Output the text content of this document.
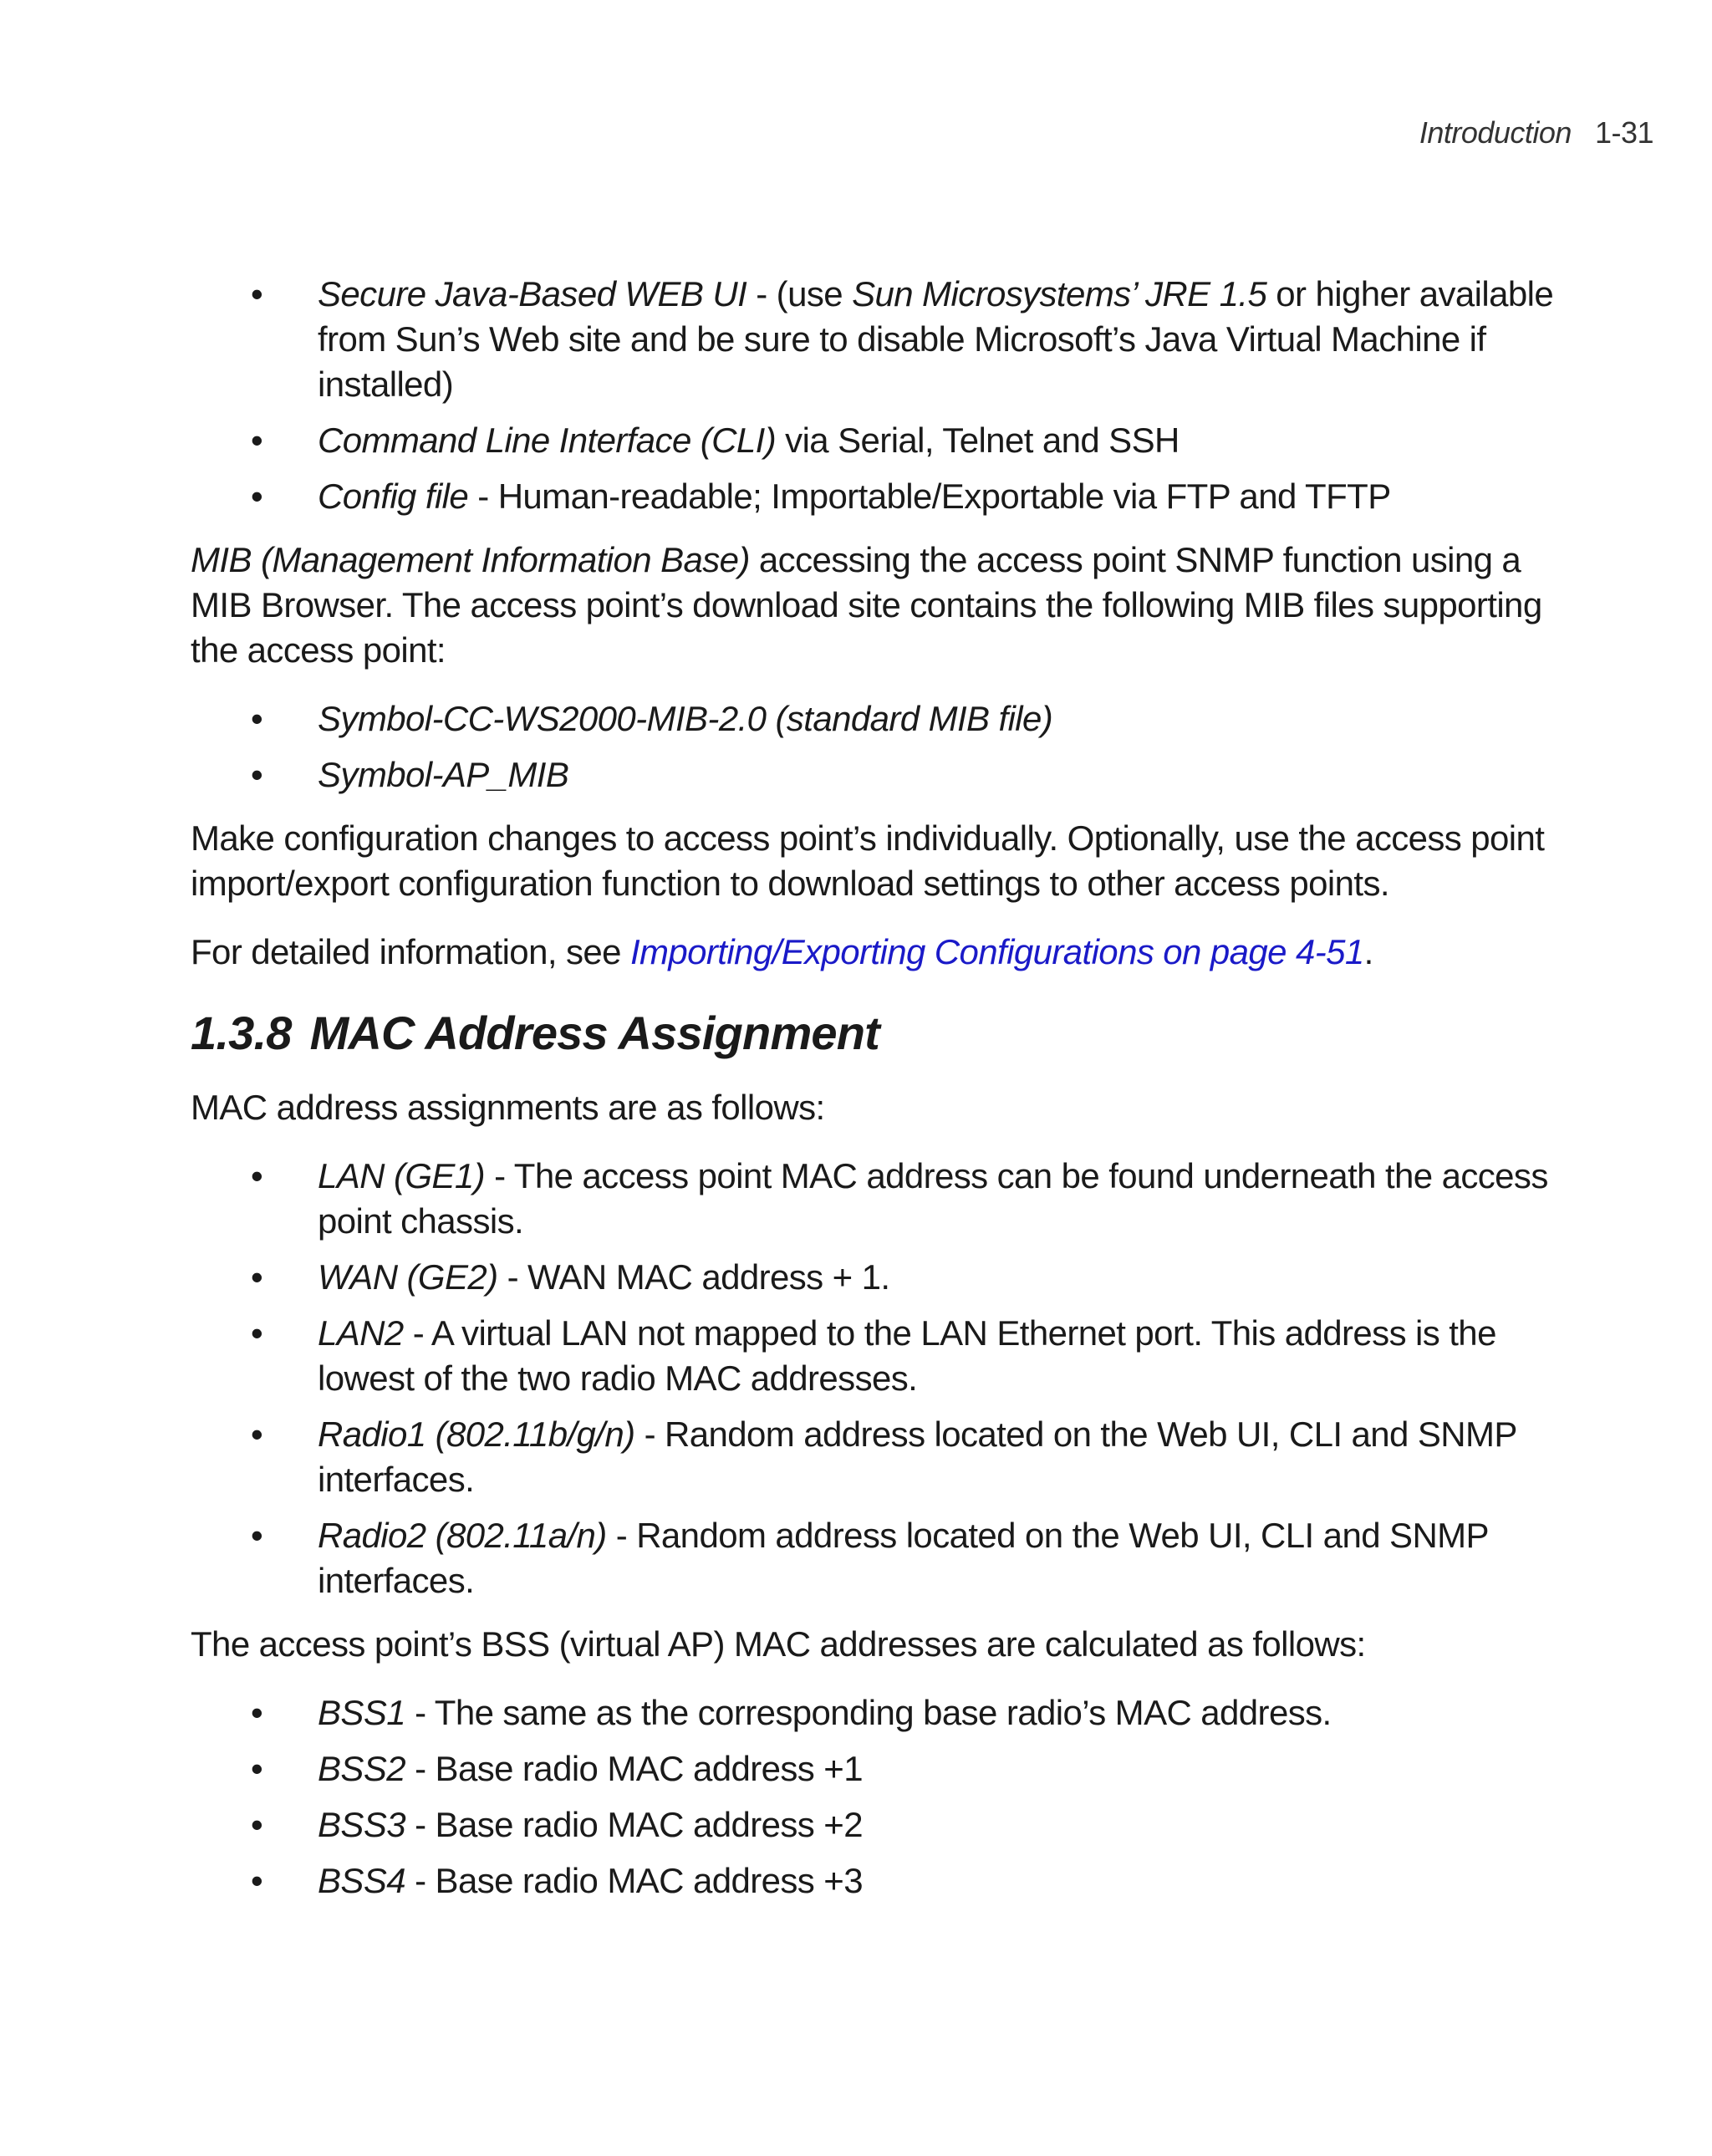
Introduction 1-31
• Secure Java-Based WEB UI - (use Sun Microsystems’ JRE 1.5 or higher available from Sun’s Web site and be sure to disable Microsoft’s Java Virtual Machine if installed)
• Command Line Interface (CLI) via Serial, Telnet and SSH
• Config file - Human-readable; Importable/Exportable via FTP and TFTP

MIB (Management Information Base) accessing the access point SNMP function using a MIB Browser. The access point’s download site contains the following MIB files supporting the access point:

• Symbol-CC-WS2000-MIB-2.0 (standard MIB file)
• Symbol-AP_MIB

Make configuration changes to access point’s individually. Optionally, use the access point import/export configuration function to download settings to other access points.

For detailed information, see Importing/Exporting Configurations on page 4-51.

1.3.8 MAC Address Assignment

MAC address assignments are as follows:

• LAN (GE1) - The access point MAC address can be found underneath the access point chassis.
• WAN (GE2) - WAN MAC address + 1.
• LAN2 - A virtual LAN not mapped to the LAN Ethernet port. This address is the lowest of the two radio MAC addresses.
• Radio1 (802.11b/g/n) - Random address located on the Web UI, CLI and SNMP interfaces.
• Radio2 (802.11a/n) - Random address located on the Web UI, CLI and SNMP interfaces.

The access point’s BSS (virtual AP) MAC addresses are calculated as follows:

• BSS1 - The same as the corresponding base radio’s MAC address.
• BSS2 - Base radio MAC address +1
• BSS3 - Base radio MAC address +2
• BSS4 - Base radio MAC address +3
